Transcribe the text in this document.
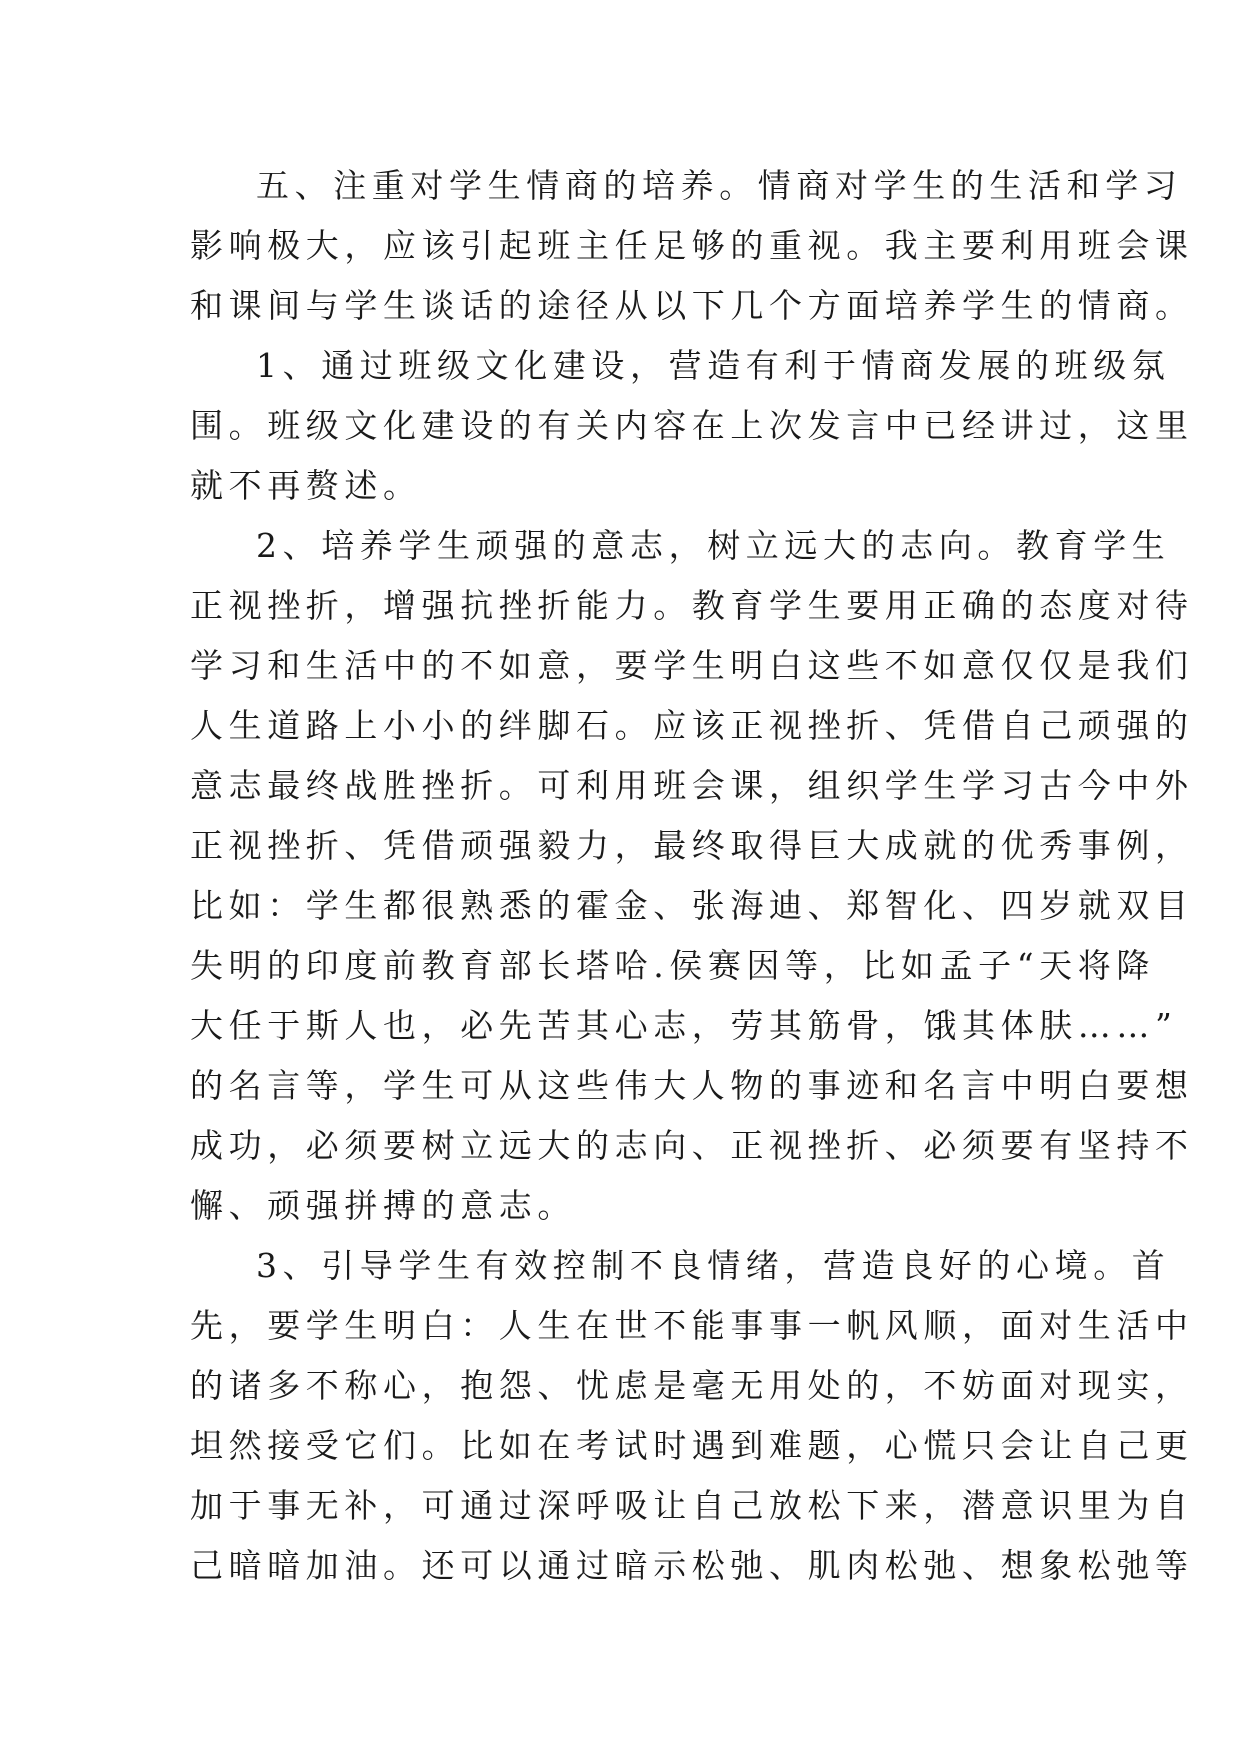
五、注重对学生情商的培养。情商对学生的生活和学习
影响极大，应该引起班主任足够的重视。我主要利用班会课
和课间与学生谈话的途径从以下几个方面培养学生的情商。
1、通过班级文化建设，营造有利于情商发展的班级氛
围。班级文化建设的有关内容在上次发言中已经讲过，这里
就不再赘述。
2、培养学生顽强的意志，树立远大的志向。教育学生
正视挫折，增强抗挫折能力。教育学生要用正确的态度对待
学习和生活中的不如意，要学生明白这些不如意仅仅是我们
人生道路上小小的绊脚石。应该正视挫折、凭借自己顽强的
意志最终战胜挫折。可利用班会课，组织学生学习古今中外
正视挫折、凭借顽强毅力，最终取得巨大成就的优秀事例，
比如：学生都很熟悉的霍金、张海迪、郑智化、四岁就双目
失明的印度前教育部长塔哈.侯赛因等，比如孟子“天将降
大任于斯人也，必先苦其心志，劳其筋骨，饿其体肤……”
的名言等，学生可从这些伟大人物的事迹和名言中明白要想
成功，必须要树立远大的志向、正视挫折、必须要有坚持不
懈、顽强拼搏的意志。
3、引导学生有效控制不良情绪，营造良好的心境。首
先，要学生明白：人生在世不能事事一帆风顺，面对生活中
的诸多不称心，抱怨、忧虑是毫无用处的，不妨面对现实，
坦然接受它们。比如在考试时遇到难题，心慌只会让自己更
加于事无补，可通过深呼吸让自己放松下来，潜意识里为自
己暗暗加油。还可以通过暗示松弛、肌肉松弛、想象松弛等
